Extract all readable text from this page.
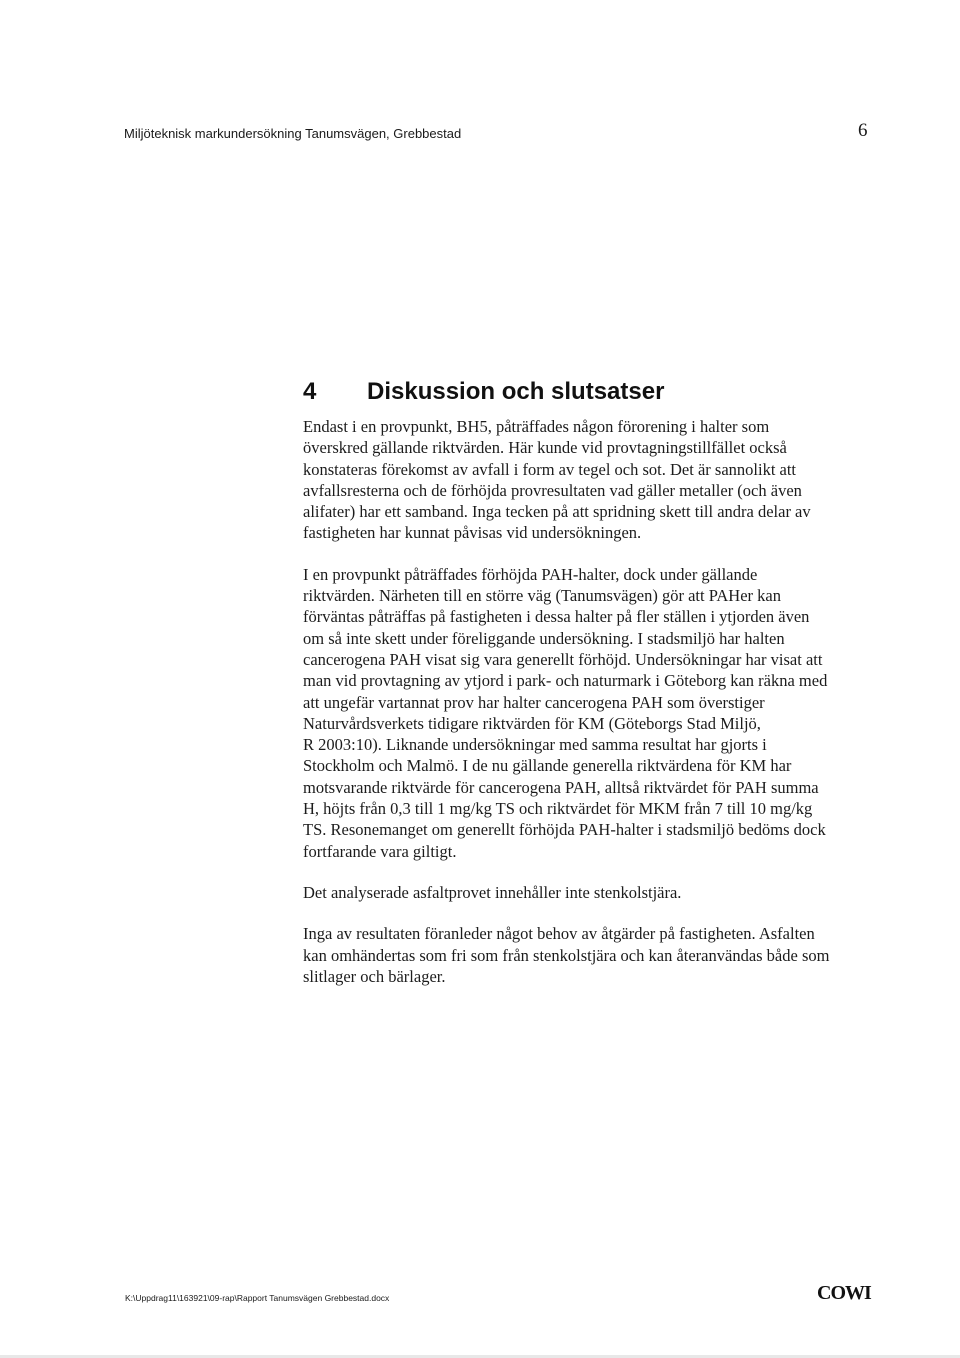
Miljöteknisk markundersökning Tanumsvägen, Grebbestad	6
4 Diskussion och slutsatser

Endast i en provpunkt, BH5, påträffades någon förorening i halter som
överskred gällande riktvärden. Här kunde vid provtagningstillfället också
konstateras förekomst av avfall i form av tegel och sot. Det är sannolikt att
avfallsresterna och de förhöjda provresultaten vad gäller metaller (och även
alifater) har ett samband. Inga tecken på att spridning skett till andra delar av
fastigheten har kunnat påvisas vid undersökningen.

I en provpunkt påträffades förhöjda PAH-halter, dock under gällande
riktvärden. Närheten till en större väg (Tanumsvägen) gör att PAHer kan
förväntas påträffas på fastigheten i dessa halter på fler ställen i ytjorden även
om så inte skett under föreliggande undersökning. I stadsmiljö har halten
cancerogena PAH visat sig vara generellt förhöjd. Undersökningar har visat att
man vid provtagning av ytjord i park- och naturmark i Göteborg kan räkna med
att ungefär vartannat prov har halter cancerogena PAH som överstiger
Naturvårdsverkets tidigare riktvärden för KM (Göteborgs Stad Miljö,
R 2003:10). Liknande undersökningar med samma resultat har gjorts i
Stockholm och Malmö. I de nu gällande generella riktvärdena för KM har
motsvarande riktvärde för cancerogena PAH, alltså riktvärdet för PAH summa
H, höjts från 0,3 till 1 mg/kg TS och riktvärdet för MKM från 7 till 10 mg/kg
TS. Resonemanget om generellt förhöjda PAH-halter i stadsmiljö bedöms dock
fortfarande vara giltigt.

Det analyserade asfaltprovet innehåller inte stenkolstjära.

Inga av resultaten föranleder något behov av åtgärder på fastigheten. Asfalten
kan omhändertas som fri som från stenkolstjära och kan återanvändas både som
slitlager och bärlager.

K:\Uppdrag11\163921\09-rap\Rapport Tanumsvägen Grebbestad.docx	COWI
